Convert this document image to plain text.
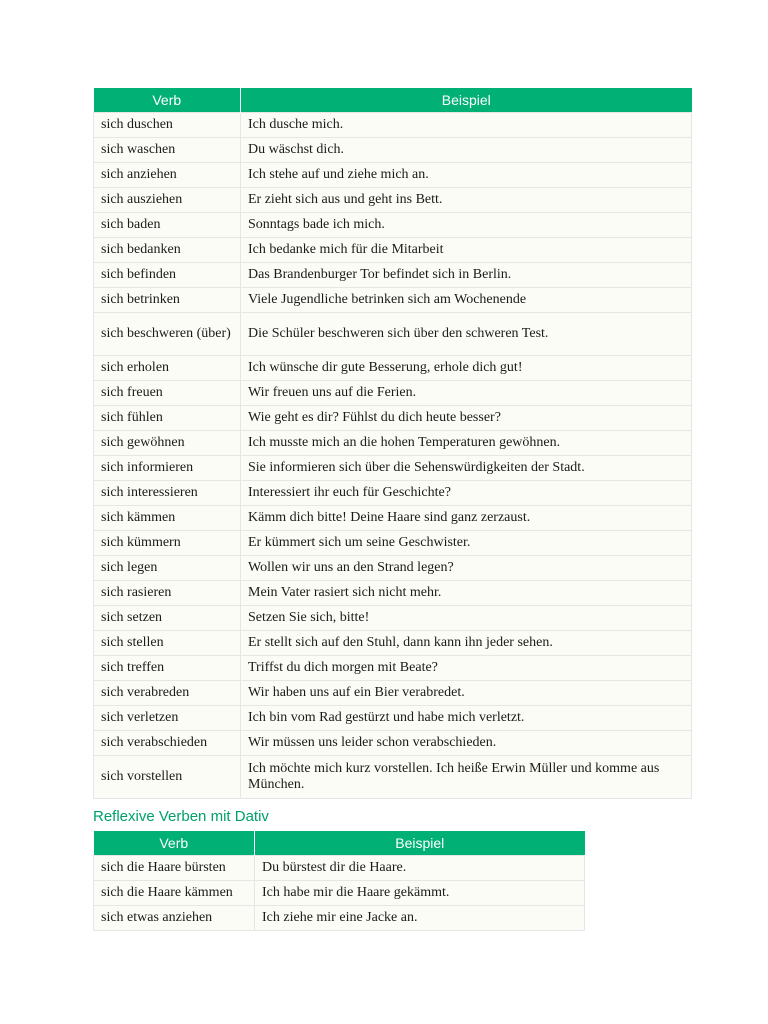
Verb	Beispiel
sich duschen	Ich dusche mich.
sich waschen	Du wäschst dich.
sich anziehen	Ich stehe auf und ziehe mich an.
sich ausziehen	Er zieht sich aus und geht ins Bett.
sich baden	Sonntags bade ich mich.
sich bedanken	Ich bedanke mich für die Mitarbeit
sich befinden	Das Brandenburger Tor befindet sich in Berlin.
sich betrinken	Viele Jugendliche betrinken sich am Wochenende
sich beschweren (über)	Die Schüler beschweren sich über den schweren Test.
sich erholen	Ich wünsche dir gute Besserung, erhole dich gut!
sich freuen	Wir freuen uns auf die Ferien.
sich fühlen	Wie geht es dir? Fühlst du dich heute besser?
sich gewöhnen	Ich musste mich an die hohen Temperaturen gewöhnen.
sich informieren	Sie informieren sich über die Sehenswürdigkeiten der Stadt.
sich interessieren	Interessiert ihr euch für Geschichte?
sich kämmen	Kämm dich bitte! Deine Haare sind ganz zerzaust.
sich kümmern	Er kümmert sich um seine Geschwister.
sich legen	Wollen wir uns an den Strand legen?
sich rasieren	Mein Vater rasiert sich nicht mehr.
sich setzen	Setzen Sie sich, bitte!
sich stellen	Er stellt sich auf den Stuhl, dann kann ihn jeder sehen.
sich treffen	Triffst du dich morgen mit Beate?
sich verabreden	Wir haben uns auf ein Bier verabredet.
sich verletzen	Ich bin vom Rad gestürzt und habe mich verletzt.
sich verabschieden	Wir müssen uns leider schon verabschieden.
sich vorstellen	Ich möchte mich kurz vorstellen. Ich heiße Erwin Müller und komme aus München.
Reflexive Verben mit Dativ
Verb	Beispiel
sich die Haare bürsten	Du bürstest dir die Haare.
sich die Haare kämmen	Ich habe mir die Haare gekämmt.
sich etwas anziehen	Ich ziehe mir eine Jacke an.
